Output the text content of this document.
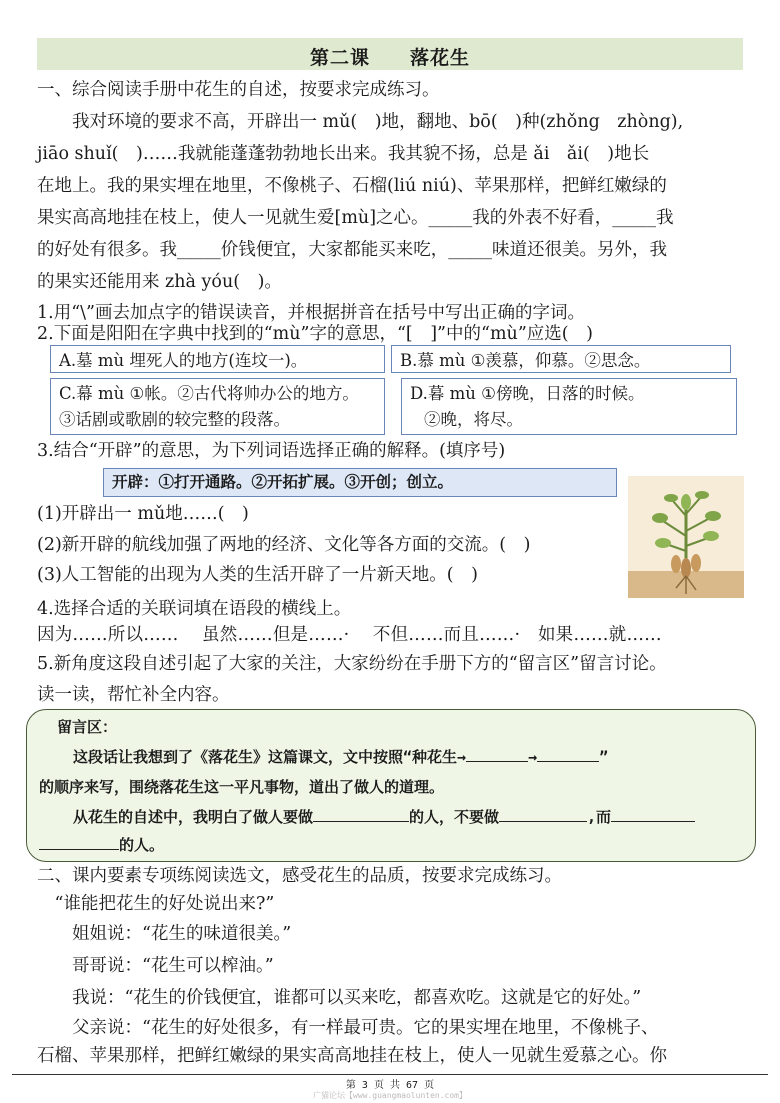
第二课　　落花生
一、综合阅读手册中花生的自述，按要求完成练习。
　　我对环境的要求不高，开辟出一 mǔ(　)地，翻地、bō(　)种(zhǒng　zhòng),
jiāo shuǐ(　)……我就能蓬蓬勃勃地长出来。我其貌不扬，总是 ǎi　ǎi(　)地长
在地上。我的果实埋在地里，不像桃子、石榴(liú niú)、苹果那样，把鲜红嫩绿的
果实高高地挂在枝上，使人一见就生爱[mù]之心。_____我的外表不好看，_____我
的好处有很多。我_____价钱便宜，大家都能买来吃，_____味道还很美。另外，我
的果实还能用来 zhà yóu(　)。
1.用“\”画去加点字的错误读音，并根据拼音在括号中写出正确的字词。
2.下面是阳阳在字典中找到的“mù”字的意思，“[　]”中的“mù”应选(　)
A.墓 mù 埋死人的地方(连坟一)。	B.慕 mù ①羡慕，仰慕。②思念。
C.幕 mù ①帐。②古代将帅办公的地方。
③话剧或歌剧的较完整的段落。
D.暮 mù ①傍晚，日落的时候。
②晚，将尽。
3.结合“开辟”的意思，为下列词语选择正确的解释。(填序号)
开辟：①打开通路。②开拓扩展。③开创；创立。
(1)开辟出一 mǔ地……(　)
(2)新开辟的航线加强了两地的经济、文化等各方面的交流。(　)
(3)人工智能的出现为人类的生活开辟了一片新天地。(　)
4.选择合适的关联词填在语段的横线上。
因为……所以……　 虽然……但是……·　 不但……而且……·　如果……就……
5.新角度这段自述引起了大家的关注，大家纷纷在手册下方的“留言区”留言讨论。
读一读，帮忙补全内容。
留言区：
这段话让我想到了《落花生》这篇课文，文中按照“种花生→	→	”
的顺序来写，围绕落花生这一平凡事物，道出了做人的道理。
从花生的自述中，我明白了做人要做	的人，不要做	,而
的人。
二、课内要素专项练阅读选文，感受花生的品质，按要求完成练习。
　“谁能把花生的好处说出来?”
　　姐姐说：“花生的味道很美。”
　　哥哥说：“花生可以榨油。”
　　我说：“花生的价钱便宜，谁都可以买来吃，都喜欢吃。这就是它的好处。”
　　父亲说：“花生的好处很多，有一样最可贵。它的果实埋在地里，不像桃子、
石榴、苹果那样，把鲜红嫩绿的果实高高地挂在枝上，使人一见就生爱慕之心。你
第 3 页 共 67 页
广猫论坛【www.guangmaolunten.com】
